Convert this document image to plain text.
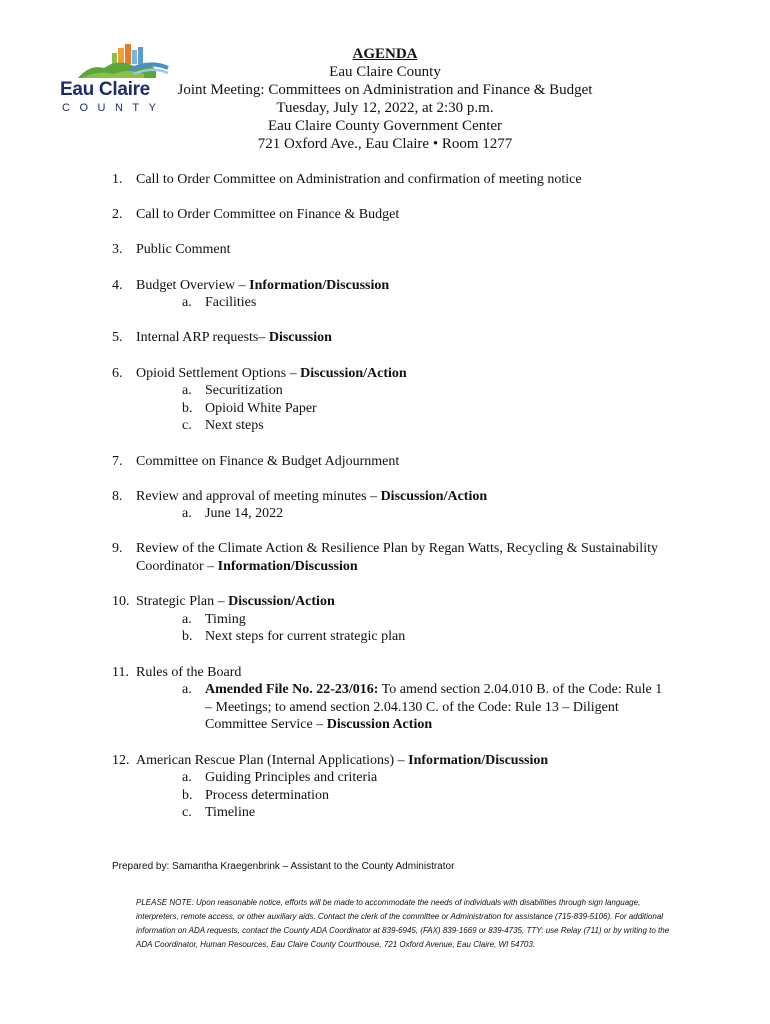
Eau Claire
COUNTY
AGENDA
Eau Claire County
Joint Meeting: Committees on Administration and Finance & Budget
Tuesday, July 12, 2022, at 2:30 p.m.
Eau Claire County Government Center
721 Oxford Ave., Eau Claire • Room 1277
1. Call to Order Committee on Administration and confirmation of meeting notice
2. Call to Order Committee on Finance & Budget
3. Public Comment
4. Budget Overview – Information/Discussion
a. Facilities
5. Internal ARP requests– Discussion
6. Opioid Settlement Options – Discussion/Action
a. Securitization
b. Opioid White Paper
c. Next steps
7. Committee on Finance & Budget Adjournment
8. Review and approval of meeting minutes – Discussion/Action
a. June 14, 2022
9. Review of the Climate Action & Resilience Plan by Regan Watts, Recycling & Sustainability Coordinator – Information/Discussion
10. Strategic Plan – Discussion/Action
a. Timing
b. Next steps for current strategic plan
11. Rules of the Board
a. Amended File No. 22-23/016: To amend section 2.04.010 B. of the Code: Rule 1 – Meetings; to amend section 2.04.130 C. of the Code: Rule 13 – Diligent Committee Service – Discussion Action
12. American Rescue Plan (Internal Applications) – Information/Discussion
a. Guiding Principles and criteria
b. Process determination
c. Timeline
Prepared by: Samantha Kraegenbrink – Assistant to the County Administrator
PLEASE NOTE: Upon reasonable notice, efforts will be made to accommodate the needs of individuals with disabilities through sign language, interpreters, remote access, or other auxiliary aids. Contact the clerk of the committee or Administration for assistance (715-839-5106). For additional information on ADA requests, contact the County ADA Coordinator at 839-6945, (FAX) 839-1669 or 839-4735, TTY: use Relay (711) or by writing to the ADA Coordinator, Human Resources, Eau Claire County Courthouse, 721 Oxford Avenue, Eau Claire, WI 54703.
